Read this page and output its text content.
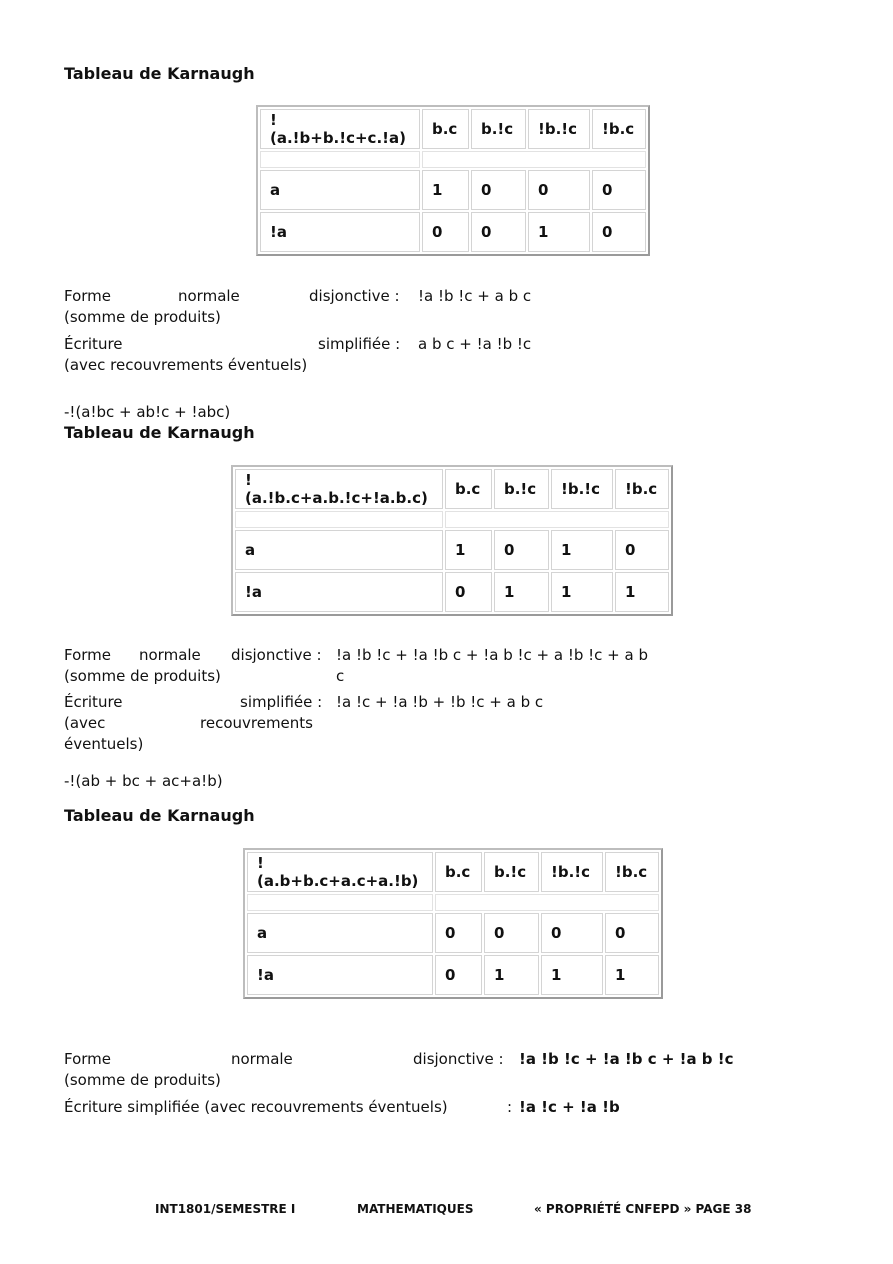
Tableau de Karnaugh
!(a.!b+b.!c+c.!a)	b.c	b.!c	!b.!c	!b.c

a	1	0	0	0
!a	0	0	1	0
Forme	normale	disjonctive :
(somme de produits)
!a !b !c + a b c
Écriture	simplifiée :
(avec recouvrements éventuels)
a b c + !a !b !c
-!(a!bc + ab!c + !abc)
Tableau de Karnaugh
!(a.!b.c+a.b.!c+!a.b.c)	b.c	b.!c	!b.!c	!b.c

a	1	0	1	0
!a	0	1	1	1
Forme normale disjonctive :
(somme de produits)
!a !b !c + !a !b c + !a b !c + a !b !c + a b
c
Écriture	simplifiée :
(avec	recouvrements
éventuels)
!a !c + !a !b + !b !c + a b c
-!(ab + bc + ac+a!b)
Tableau de Karnaugh
!(a.b+b.c+a.c+a.!b)	b.c	b.!c	!b.!c	!b.c

a	0	0	0	0
!a	0	1	1	1
Forme	normale	disjonctive :
(somme de produits)
!a !b !c + !a !b c + !a b !c
Écriture simplifiée (avec recouvrements éventuels)	: !a !c + !a !b
INT1801/SEMESTRE I	MATHEMATIQUES	« PROPRIÉTÉ CNFEPD » PAGE 38
